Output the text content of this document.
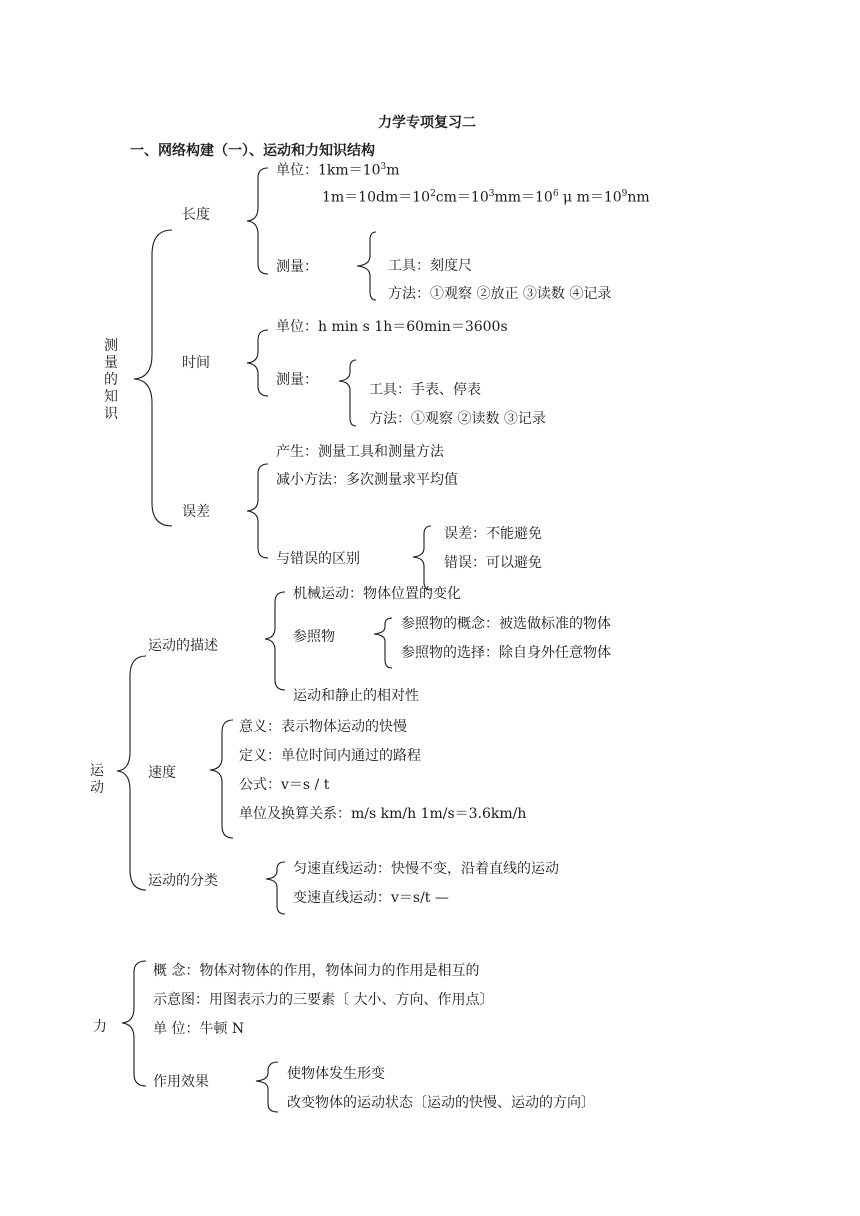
力学专项复习二
一、网络构建（一）、运动和力知识结构
测
量
的
知
识
长度
单位：$1km=10^3m$
$1m=10dm=10^2cm=10^3mm=10^6$ μ $m=10^9nm$
测量：	工具：刻度尺
方法：①观察 ②放正 ③读数 ④记录
时间
单位：h min s 1h＝60min＝3600s
测量：
工具：手表、停表
方法：①观察 ②读数 ③记录
误差
产生：测量工具和测量方法
减小方法：多次测量求平均值
与错误的区别
误差：不能避免
错误：可以避免
运
动
运动的描述
机械运动：物体位置的变化
参照物
参照物的概念：被选做标准的物体
参照物的选择：除自身外任意物体
运动和静止的相对性
速度
意义：表示物体运动的快慢
定义：单位时间内通过的路程
公式：v＝s / t
单位及换算关系：m/s km/h 1m/s＝3.6km/h
运动的分类
匀速直线运动：快慢不变，沿着直线的运动
变速直线运动：v＝s/t —
力
概 念：物体对物体的作用，物体间力的作用是相互的
示意图：用图表示力的三要素〔 大小、方向、作用点〕
单 位：牛顿 N
作用效果	使物体发生形变
改变物体的运动状态〔运动的快慢、运动的方向〕
